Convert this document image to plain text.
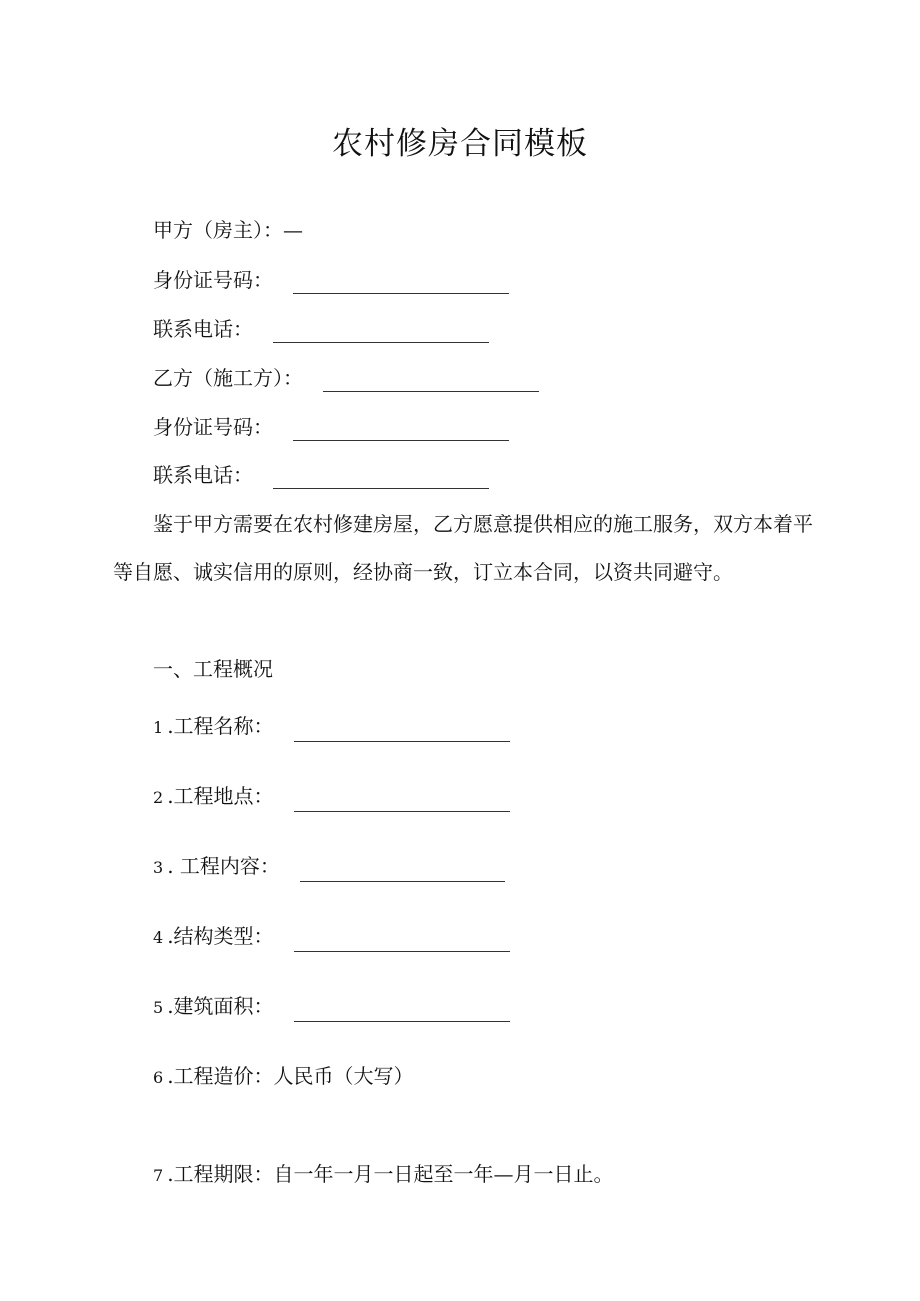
农村修房合同模板
甲方（房主）：—
身份证号码：
联系电话：
乙方（施工方）：
身份证号码：
联系电话：

鉴于甲方需要在农村修建房屋，乙方愿意提供相应的施工服务，双方本着平等自愿、诚实信用的原则，经协商一致，订立本合同，以资共同避守。

一、工程概况
1 .工程名称：
2 .工程地点：
3 . 工程内容：
4 .结构类型：
5 .建筑面积：
6 .工程造价：人民币（大写）
7 .工程期限：自一年一月一日起至一年—月一日止。
